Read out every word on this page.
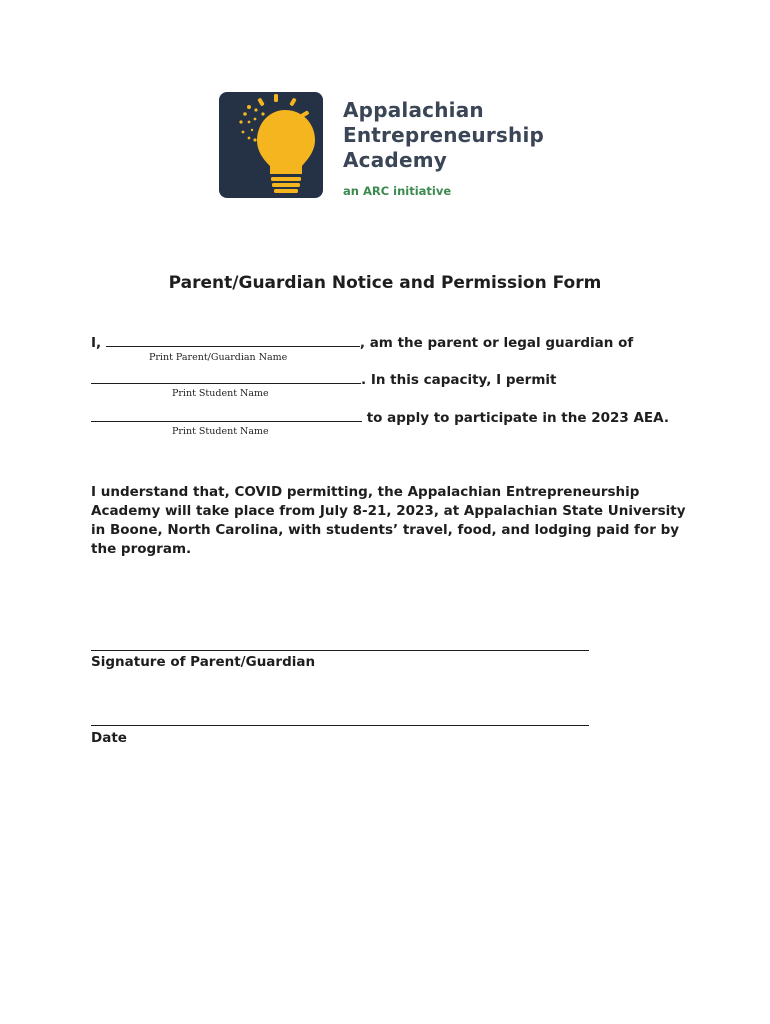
Appalachian
Entrepreneurship
Academy
an ARC initiative
Parent/Guardian Notice and Permission Form
I,	, am the parent or legal guardian of
Print Parent/Guardian Name
. In this capacity, I permit
Print Student Name
to apply to participate in the 2023 AEA.
Print Student Name
I understand that, COVID permitting, the Appalachian Entrepreneurship Academy will take place from July 8-21, 2023, at Appalachian State University in Boone, North Carolina, with students’ travel, food, and lodging paid for by the program.
Signature of Parent/Guardian
Date
